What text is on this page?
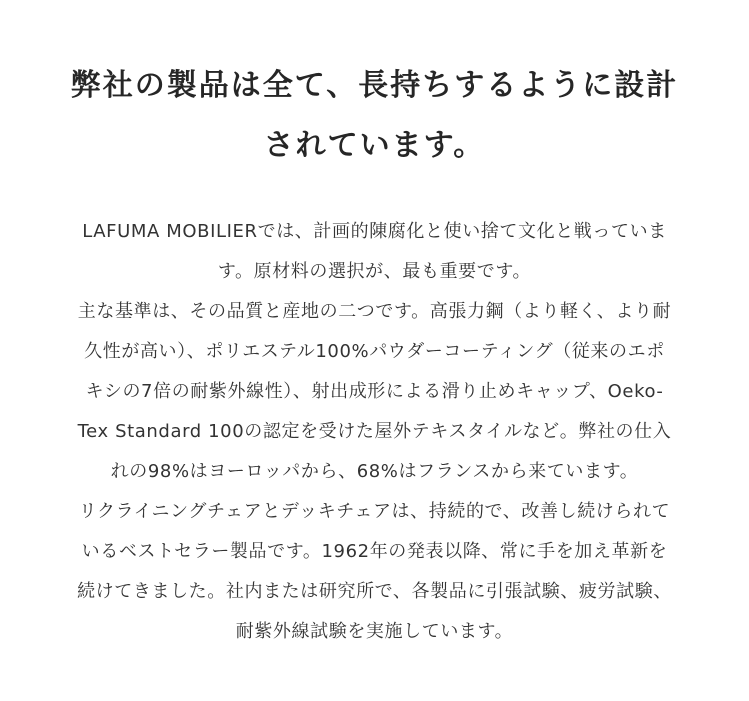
弊社の製品は全て、長持ちするように設計
されています。
LAFUMA MOBILIERでは、計画的陳腐化と使い捨て文化と戦っていま
す。原材料の選択が、最も重要です。
主な基準は、その品質と産地の二つです。高張力鋼（より軽く、より耐
久性が高い）、ポリエステル100%パウダーコーティング（従来のエポ
キシの7倍の耐紫外線性）、射出成形による滑り止めキャップ、Oeko-
Tex Standard 100の認定を受けた屋外テキスタイルなど。弊社の仕入
れの98%はヨーロッパから、68%はフランスから来ています。
リクライニングチェアとデッキチェアは、持続的で、改善し続けられて
いるベストセラー製品です。1962年の発表以降、常に手を加え革新を
続けてきました。社内または研究所で、各製品に引張試験、疲労試験、
耐紫外線試験を実施しています。
